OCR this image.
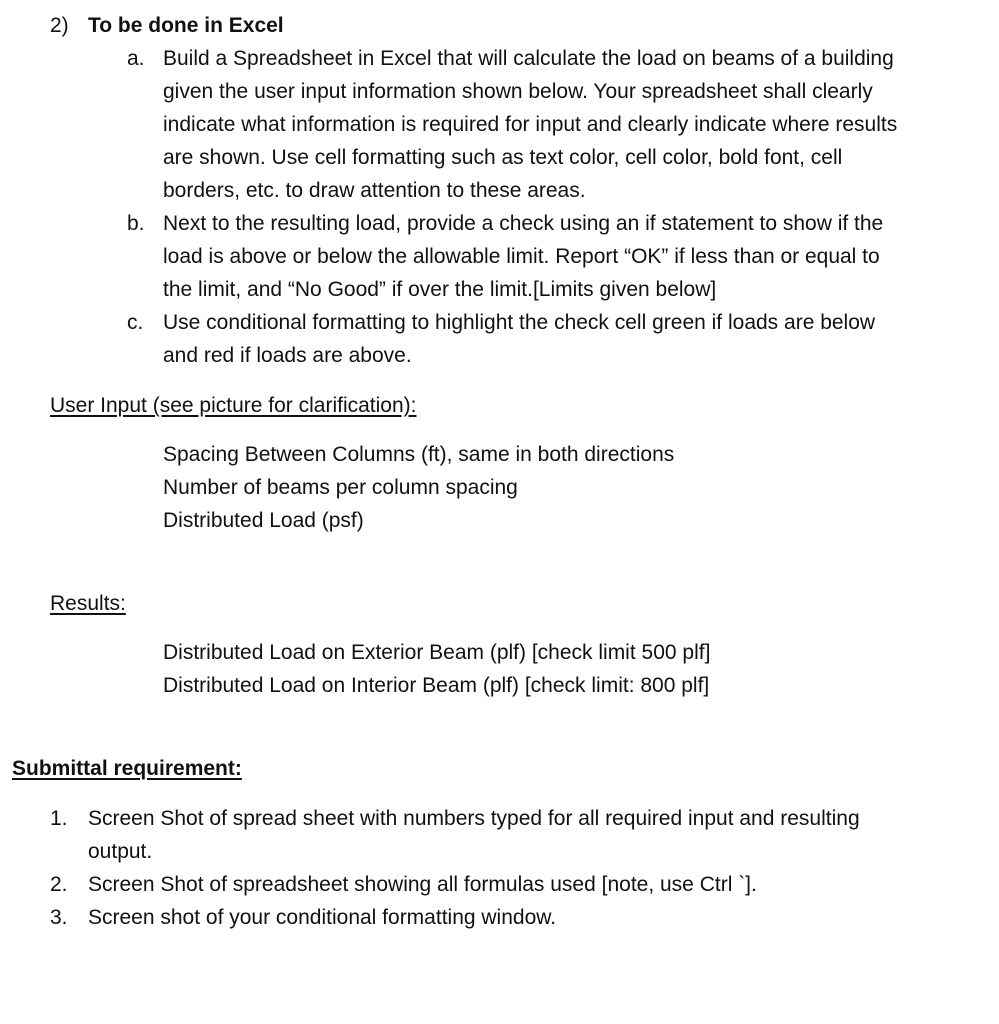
2) To be done in Excel
a. Build a Spreadsheet in Excel that will calculate the load on beams of a building
given the user input information shown below. Your spreadsheet shall clearly
indicate what information is required for input and clearly indicate where results
are shown. Use cell formatting such as text color, cell color, bold font, cell
borders, etc. to draw attention to these areas.
b. Next to the resulting load, provide a check using an if statement to show if the
load is above or below the allowable limit. Report “OK” if less than or equal to
the limit, and “No Good” if over the limit.[Limits given below]
c. Use conditional formatting to highlight the check cell green if loads are below
and red if loads are above.
User Input (see picture for clarification):
Spacing Between Columns (ft), same in both directions
Number of beams per column spacing
Distributed Load (psf)
Results:
Distributed Load on Exterior Beam (plf) [check limit 500 plf]
Distributed Load on Interior Beam (plf) [check limit: 800 plf]
Submittal requirement:
1. Screen Shot of spread sheet with numbers typed for all required input and resulting
output.
2. Screen Shot of spreadsheet showing all formulas used [note, use Ctrl `].
3. Screen shot of your conditional formatting window.
